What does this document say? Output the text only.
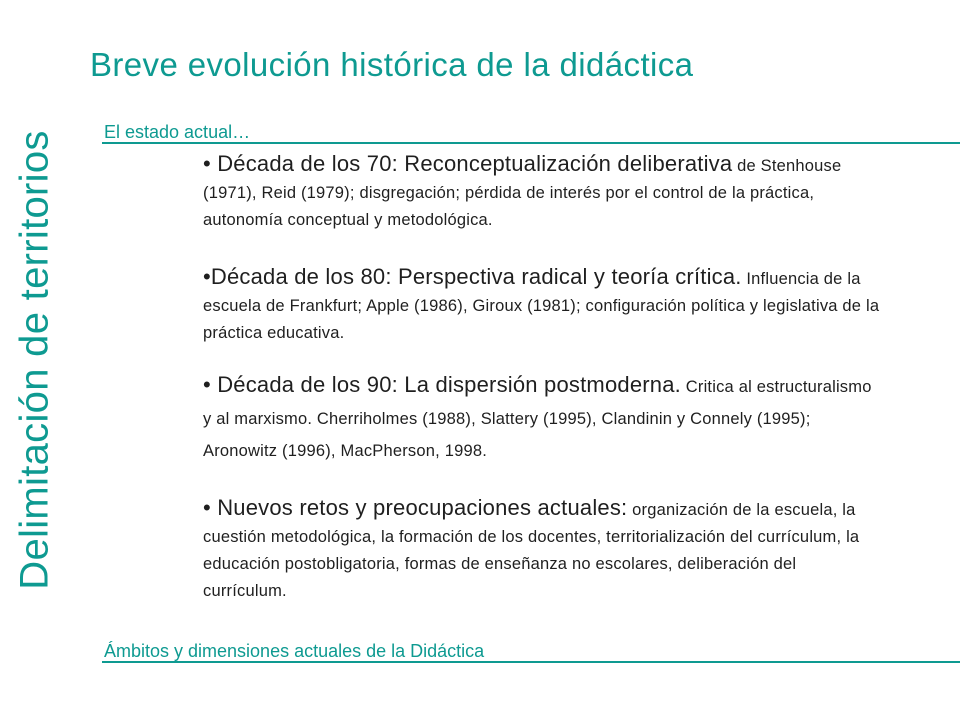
Breve evolución histórica de la didáctica
Delimitación de territorios	El estado actual…

• Década de los 70: Reconceptualización deliberativa de Stenhouse (1971), Reid (1979); disgregación; pérdida de interés por el control de la práctica, autonomía conceptual y metodológica.

•Década de los 80: Perspectiva radical y teoría crítica. Influencia de la escuela de Frankfurt; Apple (1986), Giroux (1981); configuración política y legislativa de la práctica educativa.

• Década de los 90: La dispersión postmoderna. Critica al estructuralismo y al marxismo. Cherriholmes (1988), Slattery (1995), Clandinin y Connely (1995); Aronowitz (1996), MacPherson, 1998.

• Nuevos retos y preocupaciones actuales: organización de la escuela, la cuestión metodológica, la formación de los docentes, territorialización del currículum, la educación postobligatoria, formas de enseñanza no escolares, deliberación del currículum.

Ámbitos y dimensiones actuales de la Didáctica
